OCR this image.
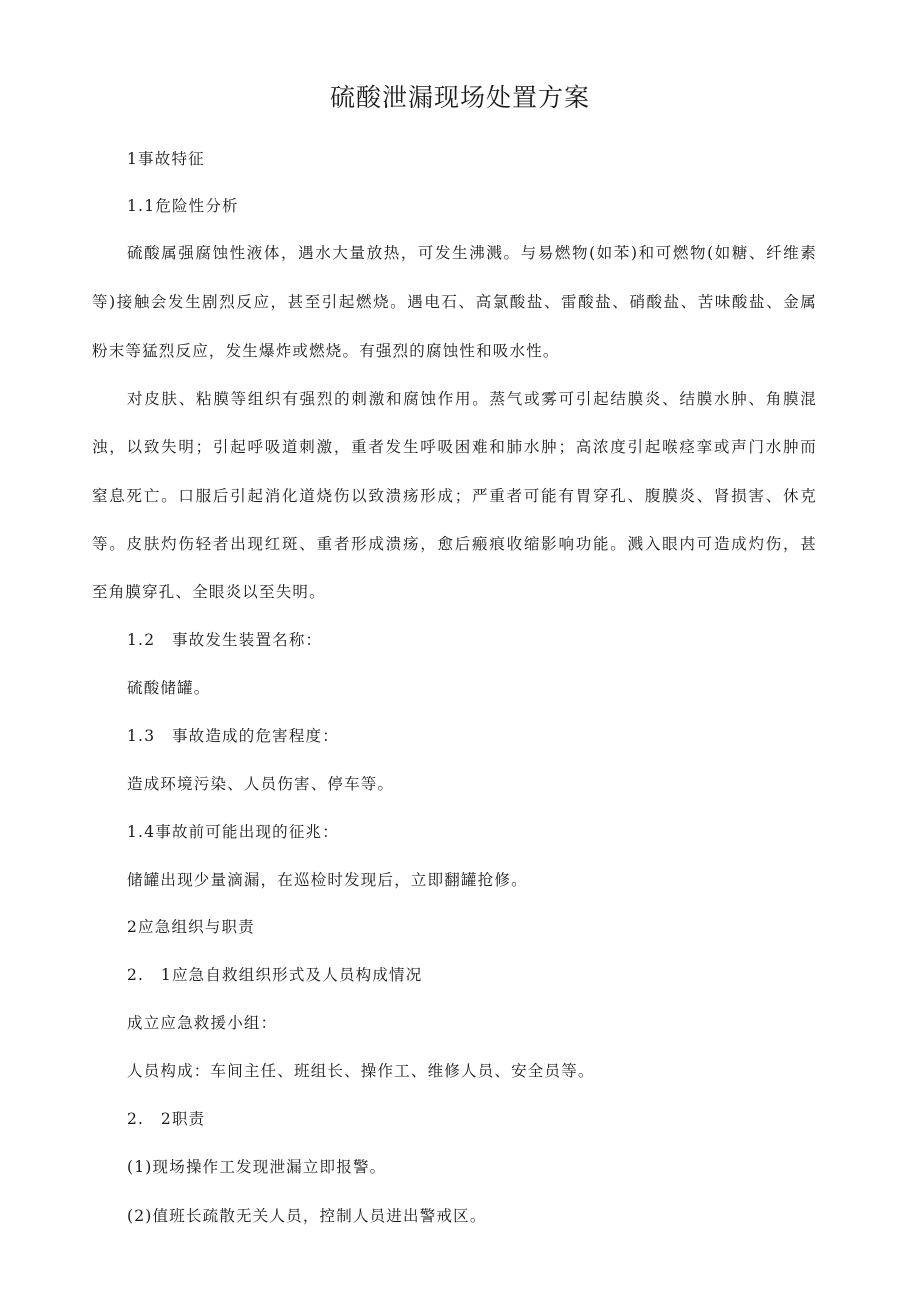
硫酸泄漏现场处置方案

1事故特征

1.1危险性分析

硫酸属强腐蚀性液体，遇水大量放热，可发生沸溅。与易燃物(如苯)和可燃物(如糖、纤维素

等)接触会发生剧烈反应，甚至引起燃烧。遇电石、高氯酸盐、雷酸盐、硝酸盐、苦味酸盐、金属

粉末等猛烈反应，发生爆炸或燃烧。有强烈的腐蚀性和吸水性。

对皮肤、粘膜等组织有强烈的刺激和腐蚀作用。蒸气或雾可引起结膜炎、结膜水肿、角膜混

浊，以致失明；引起呼吸道刺激，重者发生呼吸困难和肺水肿；高浓度引起喉痉挛或声门水肿而

窒息死亡。口服后引起消化道烧伤以致溃疡形成；严重者可能有胃穿孔、腹膜炎、肾损害、休克

等。皮肤灼伤轻者出现红斑、重者形成溃疡，愈后瘢痕收缩影响功能。溅入眼内可造成灼伤，甚

至角膜穿孔、全眼炎以至失明。

1.2　事故发生装置名称：

硫酸储罐。

1.3　事故造成的危害程度：

造成环境污染、人员伤害、停车等。

1.4事故前可能出现的征兆：

储罐出现少量滴漏，在巡检时发现后，立即翻罐抢修。

2应急组织与职责

2.　1应急自救组织形式及人员构成情况

成立应急救援小组：

人员构成：车间主任、班组长、操作工、维修人员、安全员等。

2.　2职责

(1)现场操作工发现泄漏立即报警。

(2)值班长疏散无关人员，控制人员进出警戒区。
